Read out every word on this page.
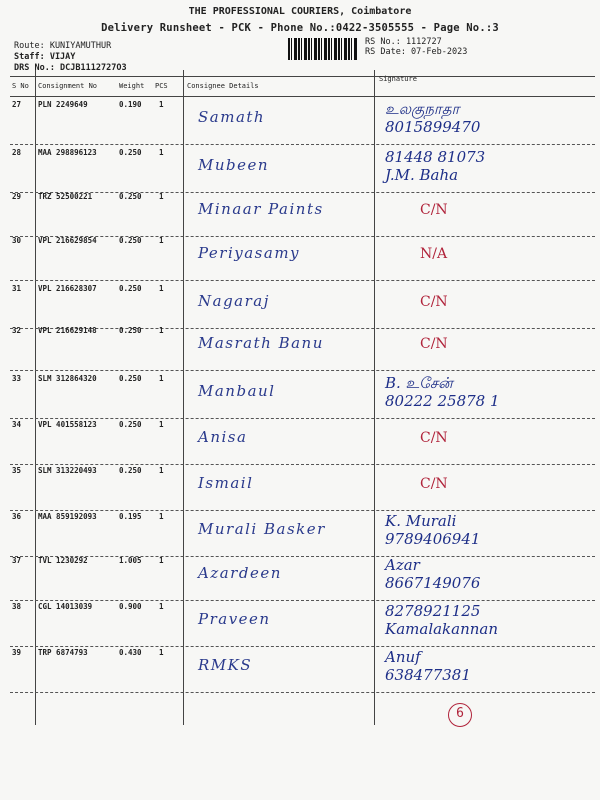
THE PROFESSIONAL COURIERS, Coimbatore
Delivery Runsheet - PCK - Phone No.:0422-3505555 - Page No.:3
Route: KUNIYAMUTHUR
Staff: VIJAY
DRS No.: DCJB1112727O3
RS No.: 1112727
RS Date: 07-Feb-2023
S No Consignment No	Weight PCS	Consignee Details
Signature
27 PLN 2249649	0.190 1
Samath	உலகுநாதா
8015899470
28 MAA 298896123	0.250 1
Mubeen	81448 81073
J.M. Baha
29 TRZ 52500221	0.250 1
Minaar Paints	C/N
30 VPL 216629854	0.250 1
Periyasamy	N/A
31 VPL 216628307	0.250 1
Nagaraj	C/N
32 VPL 216629148	0.250 1
Masrath Banu	C/N
33 SLM 312864320	0.250 1
Manbaul	B. உசேன்
80222 25878 1
34 VPL 401558123	0.250 1
Anisa	C/N
35 SLM 313220493	0.250 1
Ismail	C/N
36 MAA 859192093	0.195 1
Murali Basker	K. Murali
9789406941
37 TVL 1230292	1.005 1
Azardeen	Azar
8667149076
38 CGL 14013039	0.900 1
Praveen	8278921125
Kamalakannan
39 TRP 6874793	0.430 1
RMKS	Anuf
638477381
6
